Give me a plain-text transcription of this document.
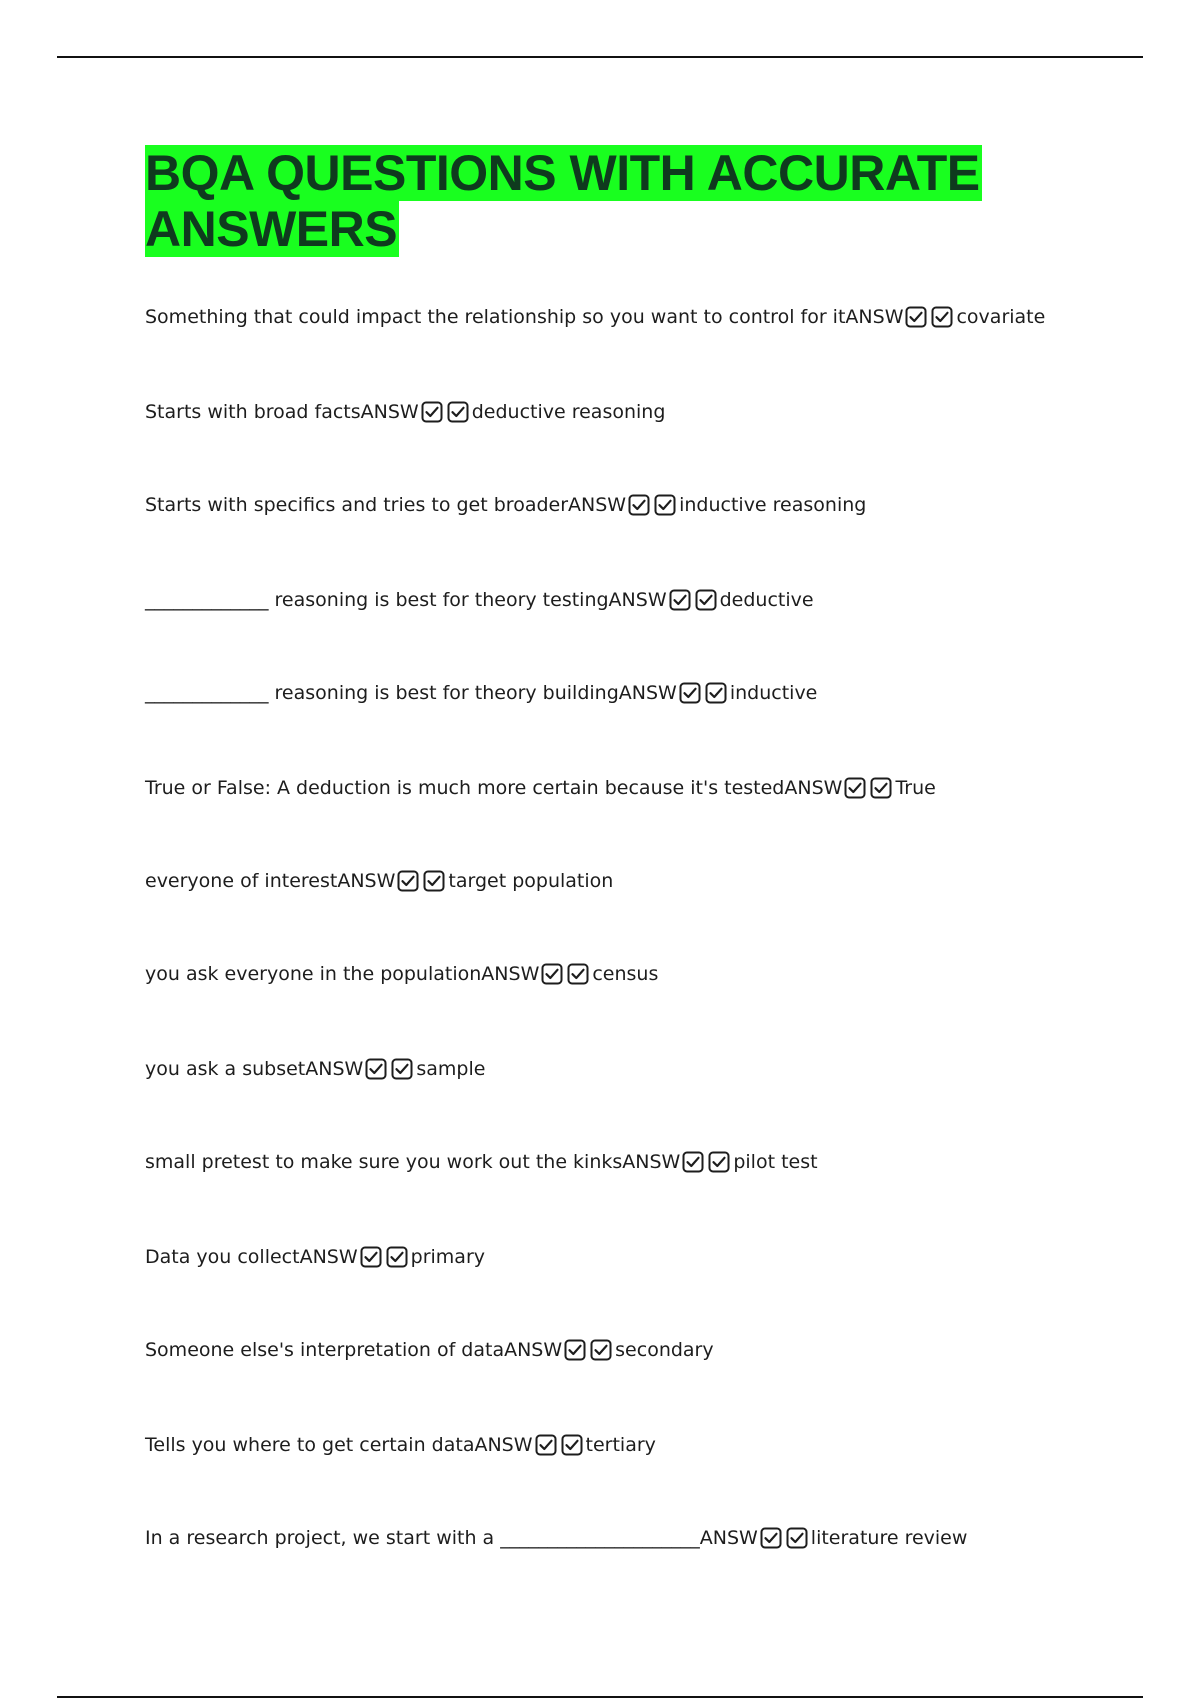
BQA QUESTIONS WITH ACCURATE
ANSWERS
Something that could impact the relationship so you want to control for it ANSW	covariate
Starts with broad facts ANSW	deductive reasoning
Starts with specifics and tries to get broader ANSW	inductive reasoning
_____________ reasoning is best for theory testing ANSW	deductive
_____________ reasoning is best for theory building ANSW	inductive
True or False: A deduction is much more certain because it's tested ANSW	True
everyone of interest ANSW	target population
you ask everyone in the population ANSW	census
you ask a subset ANSW	sample
small pretest to make sure you work out the kinks ANSW	pilot test
Data you collect ANSW	primary
Someone else's interpretation of data ANSW	secondary
Tells you where to get certain data ANSW	tertiary
In a research project, we start with a _____________________ ANSW	literature review
